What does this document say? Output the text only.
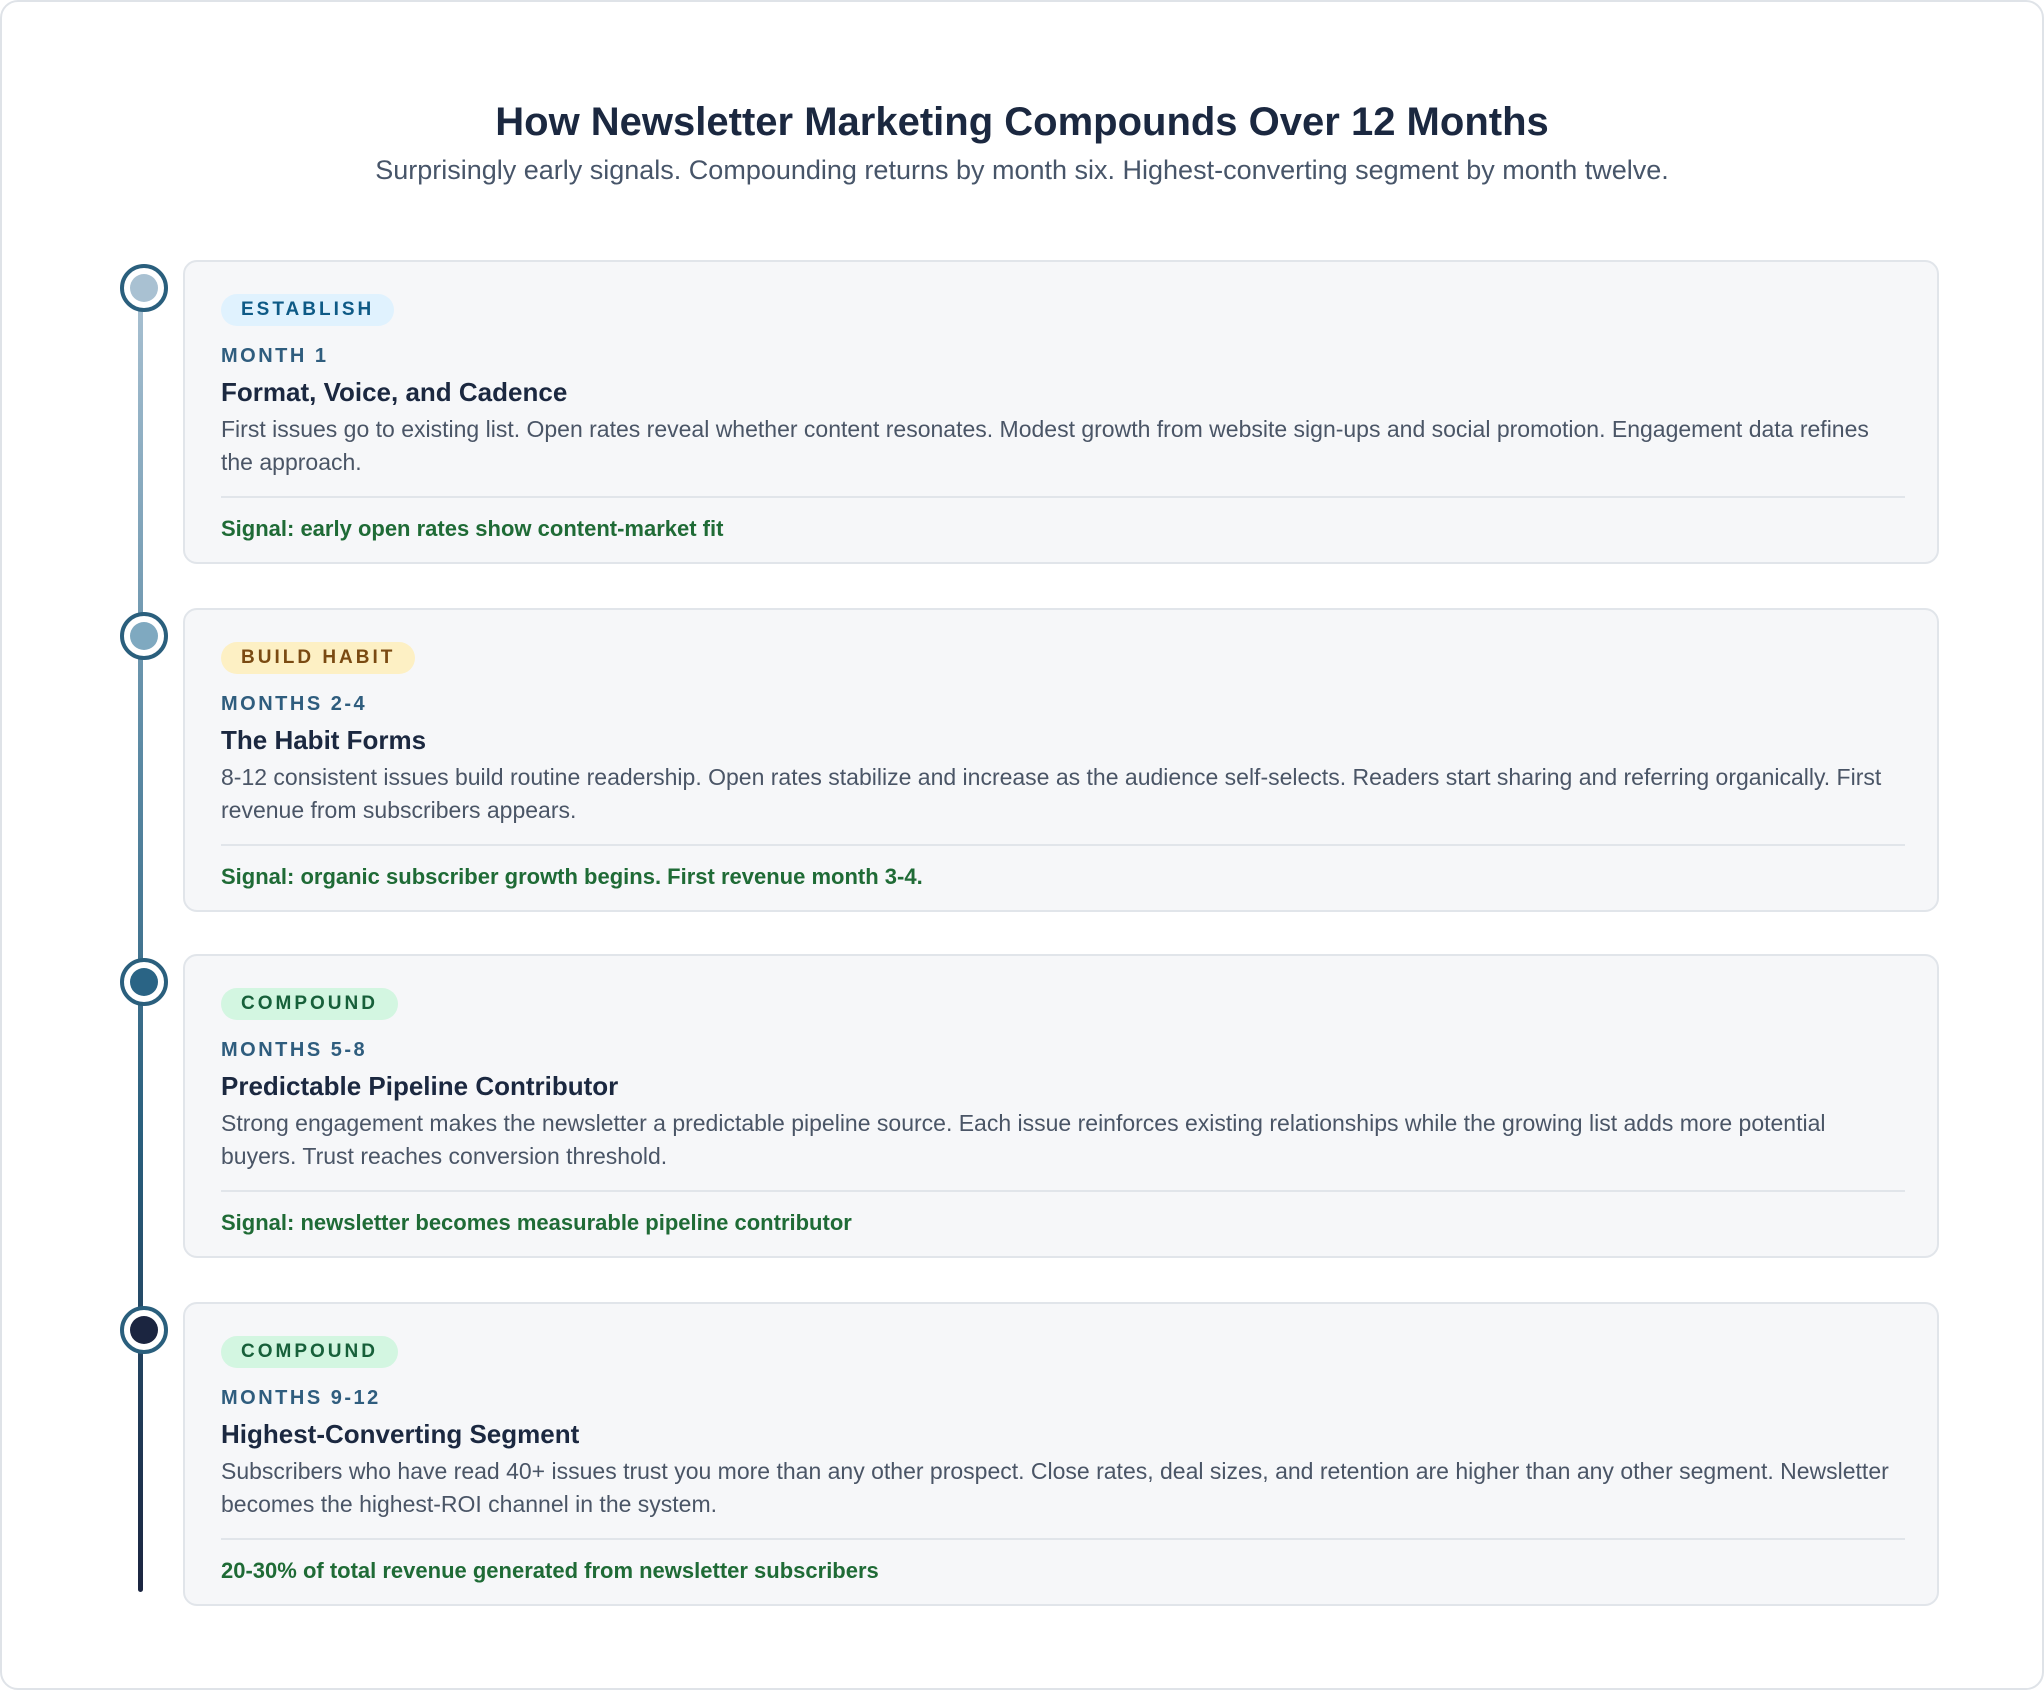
How Newsletter Marketing Compounds Over 12 Months

Surprisingly early signals. Compounding returns by month six. Highest-converting segment by month twelve.

ESTABLISH
MONTH 1
Format, Voice, and Cadence
First issues go to existing list. Open rates reveal whether content resonates. Modest growth from website sign-ups and social promotion. Engagement data refines the approach.
Signal: early open rates show content-market fit
BUILD HABIT
MONTHS 2-4
The Habit Forms
8-12 consistent issues build routine readership. Open rates stabilize and increase as the audience self-selects. Readers start sharing and referring organically. First revenue from subscribers appears.
Signal: organic subscriber growth begins. First revenue month 3-4.
COMPOUND
MONTHS 5-8
Predictable Pipeline Contributor
Strong engagement makes the newsletter a predictable pipeline source. Each issue reinforces existing relationships while the growing list adds more potential buyers. Trust reaches conversion threshold.
Signal: newsletter becomes measurable pipeline contributor
COMPOUND
MONTHS 9-12
Highest-Converting Segment
Subscribers who have read 40+ issues trust you more than any other prospect. Close rates, deal sizes, and retention are higher than any other segment. Newsletter becomes the highest-ROI channel in the system.
20-30% of total revenue generated from newsletter subscribers
